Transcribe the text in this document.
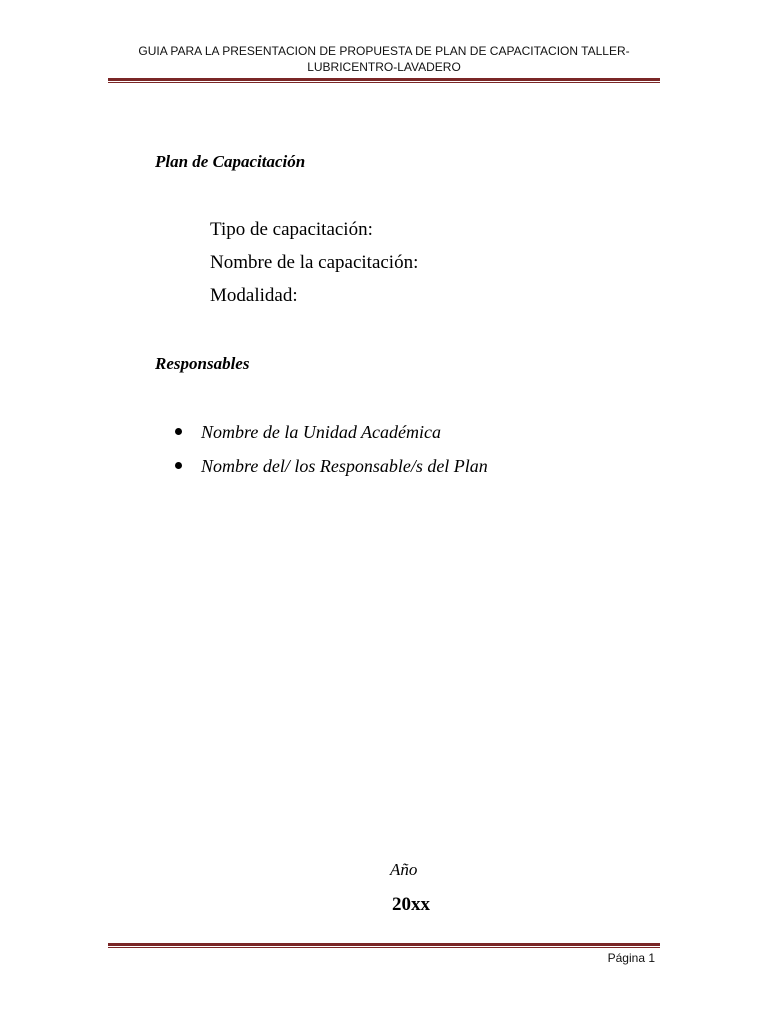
GUIA PARA LA PRESENTACION DE PROPUESTA DE PLAN DE CAPACITACION TALLER-
LUBRICENTRO-LAVADERO
Plan de Capacitación
Tipo de capacitación:
Nombre de la capacitación:
Modalidad:
Responsables
Nombre de la Unidad Académica
Nombre del/ los Responsable/s del Plan
Año
20xx
Página 1
